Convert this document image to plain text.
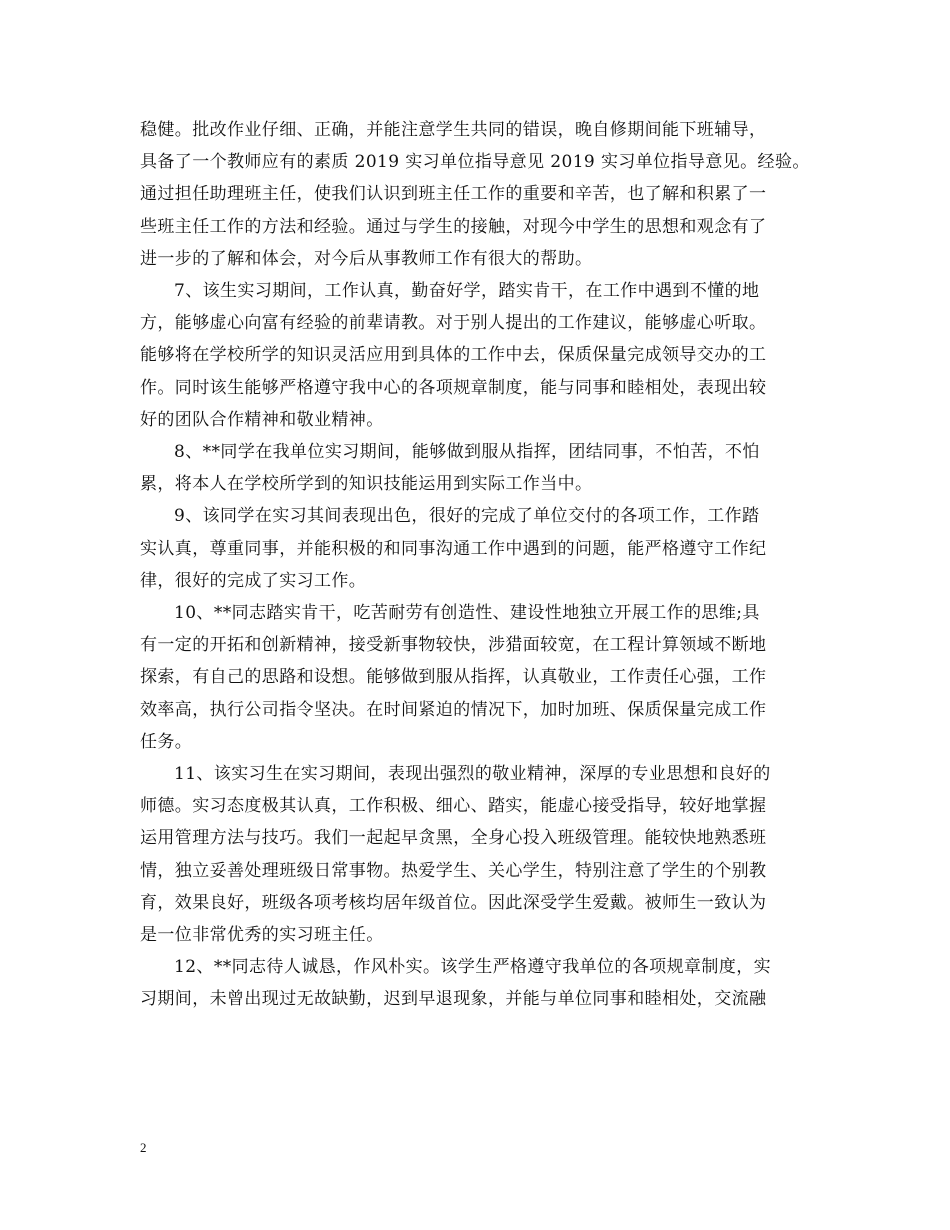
稳健。批改作业仔细、正确，并能注意学生共同的错误，晚自修期间能下班辅导，
具备了一个教师应有的素质 2019 实习单位指导意见 2019 实习单位指导意见。经验。
通过担任助理班主任，使我们认识到班主任工作的重要和辛苦，也了解和积累了一
些班主任工作的方法和经验。通过与学生的接触，对现今中学生的思想和观念有了
进一步的了解和体会，对今后从事教师工作有很大的帮助。

7、该生实习期间，工作认真，勤奋好学，踏实肯干，在工作中遇到不懂的地
方，能够虚心向富有经验的前辈请教。对于别人提出的工作建议，能够虚心听取。
能够将在学校所学的知识灵活应用到具体的工作中去，保质保量完成领导交办的工
作。同时该生能够严格遵守我中心的各项规章制度，能与同事和睦相处，表现出较
好的团队合作精神和敬业精神。

8、**同学在我单位实习期间，能够做到服从指挥，团结同事，不怕苦，不怕
累，将本人在学校所学到的知识技能运用到实际工作当中。

9、该同学在实习其间表现出色，很好的完成了单位交付的各项工作，工作踏
实认真，尊重同事，并能积极的和同事沟通工作中遇到的问题，能严格遵守工作纪
律，很好的完成了实习工作。

10、**同志踏实肯干，吃苦耐劳有创造性、建设性地独立开展工作的思维;具
有一定的开拓和创新精神，接受新事物较快，涉猎面较宽，在工程计算领域不断地
探索，有自己的思路和设想。能够做到服从指挥，认真敬业，工作责任心强，工作
效率高，执行公司指令坚决。在时间紧迫的情况下，加时加班、保质保量完成工作
任务。

11、该实习生在实习期间，表现出强烈的敬业精神，深厚的专业思想和良好的
师德。实习态度极其认真，工作积极、细心、踏实，能虚心接受指导，较好地掌握
运用管理方法与技巧。我们一起起早贪黑，全身心投入班级管理。能较快地熟悉班
情，独立妥善处理班级日常事物。热爱学生、关心学生，特别注意了学生的个别教
育，效果良好，班级各项考核均居年级首位。因此深受学生爱戴。被师生一致认为
是一位非常优秀的实习班主任。

12、**同志待人诚恳，作风朴实。该学生严格遵守我单位的各项规章制度，实
习期间，未曾出现过无故缺勤，迟到早退现象，并能与单位同事和睦相处，交流融

2
